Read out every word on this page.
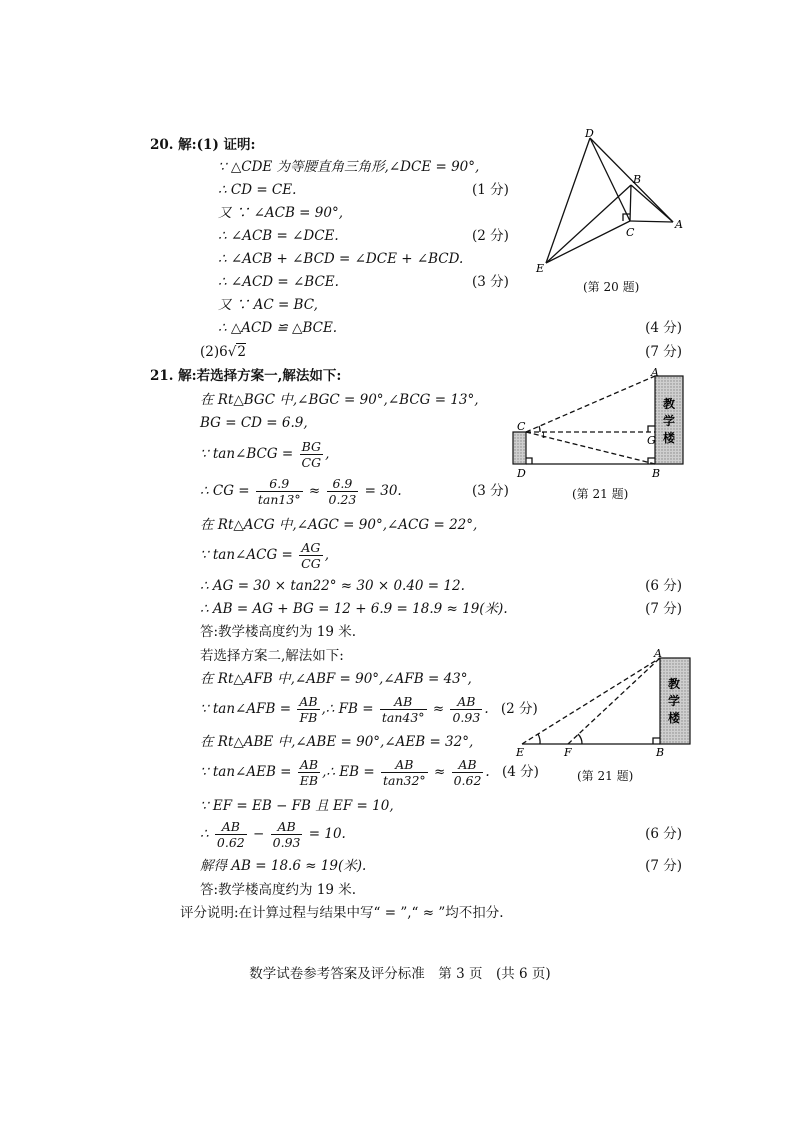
20. 解:(1) 证明:
∵ △CDE 为等腰直角三角形,∠DCE = 90°,
∴ CD = CE.	(1 分)
又 ∵ ∠ACB = 90°,
∴ ∠ACB = ∠DCE.	(2 分)
∴ ∠ACB + ∠BCD = ∠DCE + ∠BCD.
∴ ∠ACD = ∠BCE.	(3 分)
又 ∵ AC = BC,
∴ △ACD ≌ △BCE.	(4 分)
(2)6√2	(7 分)
D
B
C
A
E
(第 20 题)
21. 解:若选择方案一,解法如下:
在 Rt△BGC 中,∠BGC = 90°,∠BCG = 13°,
BG = CD = 6.9,
∵ tan∠BCG = $\frac{BG}{CG}$ ,
∴ CG = $\frac{6.9}{\tan 13^\circ} \approx \frac{6.9}{0.23} = 30$.	(3 分)
在 Rt△ACG 中,∠AGC = 90°,∠ACG = 22°,
∵ tan∠ACG = $\frac{AG}{CG}$ ,
∴ AG = 30 × tan22° ≈ 30 × 0.40 = 12.	(6 分)
∴ AB = AG + BG = 12 + 6.9 = 18.9 ≈ 19(米).	(7 分)
答:教学楼高度约为 19 米.
教
学
楼
A
C
G
D	B
1
(第 21 题)
若选择方案二,解法如下:
在 Rt△AFB 中,∠ABF = 90°,∠AFB = 43°,
∵ tan∠AFB = $\frac{AB}{FB}$ ,∴ FB = $\frac{AB}{\tan 43^\circ} \approx \frac{AB}{0.93}$ . (2 分)
在 Rt△ABE 中,∠ABE = 90°,∠AEB = 32°,
∵ tan∠AEB = $\frac{AB}{EB}$ ,∴ EB = $\frac{AB}{\tan 32^\circ} \approx \frac{AB}{0.62}$ . (4 分)
∵ EF = EB − FB 且 EF = 10,
∴ $\frac{AB}{0.62} - \frac{AB}{0.93} = 10$.	(6 分)
解得 AB = 18.6 ≈ 19(米).	(7 分)
答:教学楼高度约为 19 米.
评分说明:在计算过程与结果中写“ = ”,“ ≈ ”均不扣分.
教
学
楼
A
E	F	B
(第 21 题)
数学试卷参考答案及评分标准　第 3 页　(共 6 页)
